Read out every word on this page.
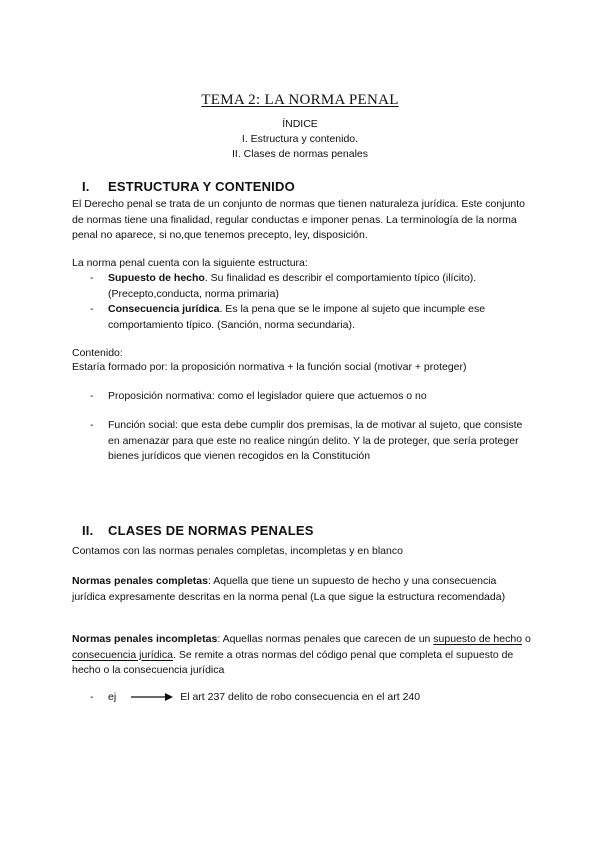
TEMA 2: LA NORMA PENAL
ÍNDICE
I. Estructura y contenido.
II. Clases de normas penales
I. ESTRUCTURA Y CONTENIDO
El Derecho penal se trata de un conjunto de normas que tienen naturaleza jurídica. Este conjunto de normas tiene una finalidad, regular conductas e imponer penas. La terminología de la norma penal no aparece, si no,que tenemos precepto, ley, disposición.
La norma penal cuenta con la siguiente estructura:
- Supuesto de hecho. Su finalidad es describir el comportamiento típico (ilícito). (Precepto,conducta, norma primaria)
- Consecuencia jurídica. Es la pena que se le impone al sujeto que incumple ese comportamiento típico. (Sanción, norma secundaria).
Contenido:
Estaría formado por: la proposición normativa + la función social (motivar + proteger)
- Proposición normativa: como el legislador quiere que actuemos o no
- Función social: que esta debe cumplir dos premisas, la de motivar al sujeto, que consiste en amenazar para que este no realice ningún delito. Y la de proteger, que sería proteger bienes jurídicos que vienen recogidos en la Constitución
II. CLASES DE NORMAS PENALES
Contamos con las normas penales completas, incompletas y en blanco
Normas penales completas: Aquella que tiene un supuesto de hecho y una consecuencia jurídica expresamente descritas en la norma penal (La que sigue la estructura recomendada)
Normas penales incompletas: Aquellas normas penales que carecen de un supuesto de hecho o consecuencia jurídica. Se remite a otras normas del código penal que completa el supuesto de hecho o la consecuencia jurídica
- ej	El art 237 delito de robo consecuencia en el art 240
